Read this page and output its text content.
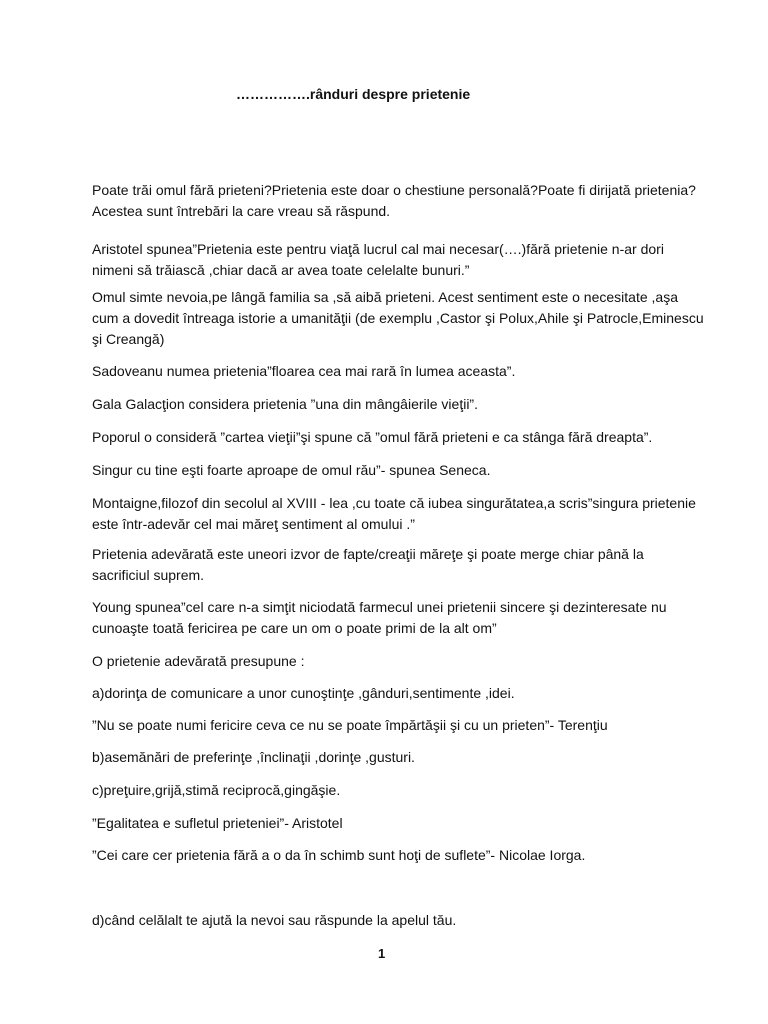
…………….rânduri despre prietenie

Poate trăi omul fără prieteni?Prietenia este doar o chestiune personală?Poate fi dirijată prietenia?Acestea sunt întrebări la care vreau să răspund.

Aristotel spunea”Prietenia este pentru viaţă lucrul cal mai necesar(….)fără prietenie n-ar dori nimeni să trăiască ,chiar dacă ar avea toate celelalte bunuri.”

Omul simte nevoia,pe lângă familia sa ,să aibă prieteni. Acest sentiment este o necesitate ,aşa cum a dovedit întreaga istorie a umanităţii (de exemplu ,Castor şi Polux,Ahile şi Patrocle,Eminescu şi Creangă)

Sadoveanu numea prietenia”floarea cea mai rară în lumea aceasta”.

Gala Galacţion considera prietenia ”una din mângâierile vieţii”.

Poporul o consideră ”cartea vieţii”şi spune că ”omul fără prieteni e ca stânga fără dreapta”.

Singur cu tine eşti foarte aproape de omul rău”- spunea Seneca.

Montaigne,filozof din secolul al XVIII - lea ,cu toate că iubea singurătatea,a scris”singura prietenie este într-adevăr cel mai măreţ sentiment al omului .”

Prietenia adevărată este uneori izvor de fapte/creaţii măreţe şi poate merge chiar până la sacrificiul suprem.

Young spunea”cel care n-a simţit niciodată farmecul unei prietenii sincere şi dezinteresate nu cunoaşte toată fericirea pe care un om o poate primi de la alt om”

O prietenie adevărată presupune :

a)dorinţa de comunicare a unor cunoştinţe ,gânduri,sentimente ,idei.

”Nu se poate numi fericire ceva ce nu se poate împărtăşii şi cu un prieten”- Terenţiu

b)asemănări de preferinţe ,înclinaţii ,dorinţe ,gusturi.

c)preţuire,grijă,stimă reciprocă,gingăşie.

”Egalitatea e sufletul prieteniei”- Aristotel

”Cei care cer prietenia fără a o da în schimb sunt hoţi de suflete”- Nicolae Iorga.

d)când celălalt te ajută la nevoi sau răspunde la apelul tău.

1
